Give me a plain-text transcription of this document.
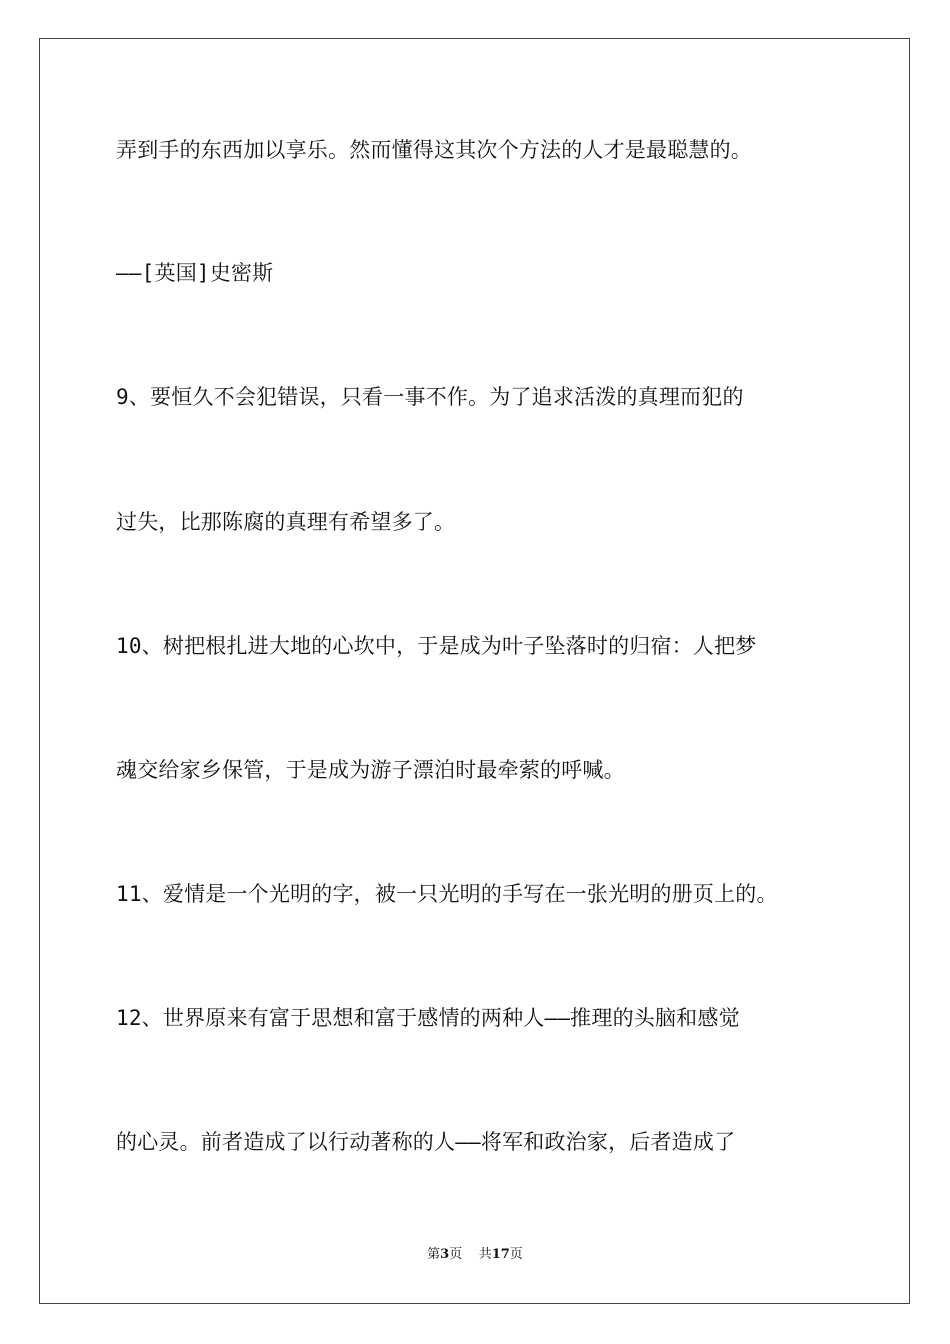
弄到手的东西加以享乐。然而懂得这其次个方法的人才是最聪慧的。

——[英国]史密斯

9、要恒久不会犯错误，只看一事不作。为了追求活泼的真理而犯的

过失，比那陈腐的真理有希望多了。

10、树把根扎进大地的心坎中，于是成为叶子坠落时的归宿：人把梦

魂交给家乡保管，于是成为游子漂泊时最牵萦的呼喊。

11、爱情是一个光明的字，被一只光明的手写在一张光明的册页上的。

12、世界原来有富于思想和富于感情的两种人——推理的头脑和感觉

的心灵。前者造成了以行动著称的人——将军和政治家，后者造成了

第3页 共17页
